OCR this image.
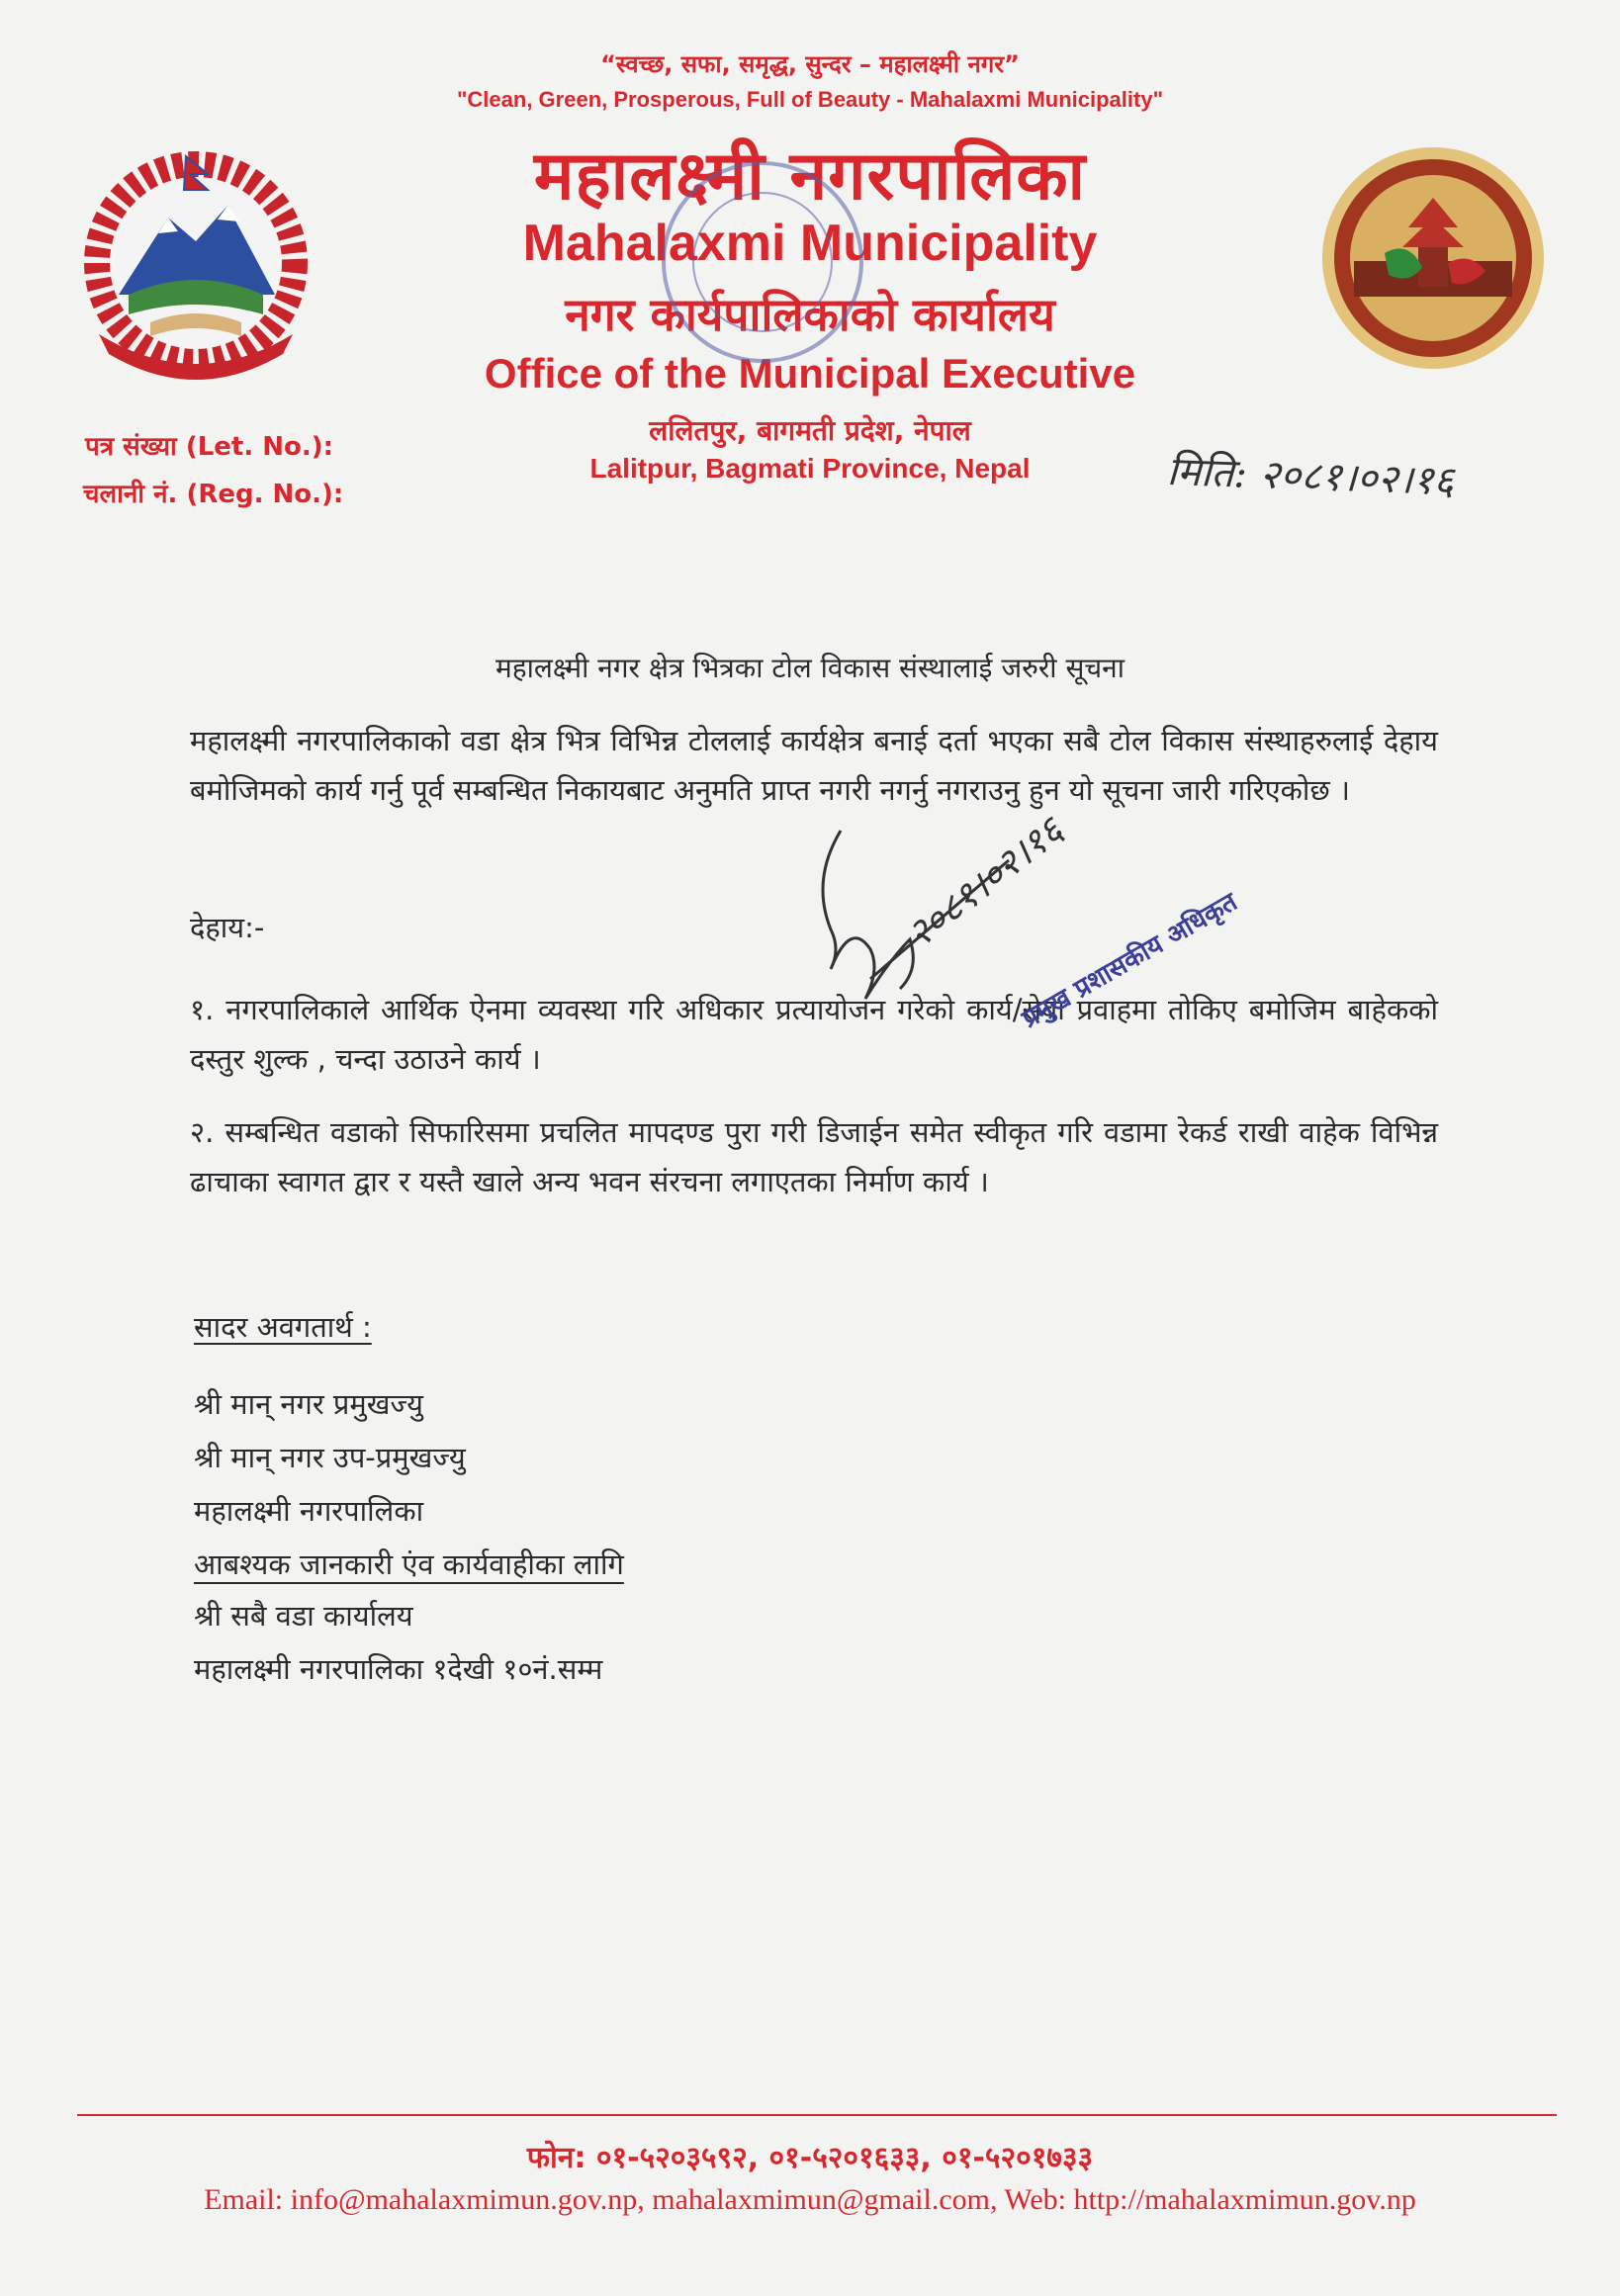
“स्वच्छ, सफा, समृद्ध, सुन्दर – महालक्ष्मी नगर”
"Clean, Green, Prosperous, Full of Beauty - Mahalaxmi Municipality"
महालक्ष्मी नगरपालिका
Mahalaxmi Municipality
नगर कार्यपालिकाको कार्यालय
Office of the Municipal Executive
ललितपुर, बागमती प्रदेश, नेपाल
Lalitpur, Bagmati Province, Nepal
पत्र संख्या (Let. No.):
चलानी नं. (Reg. No.):	मिति: २०८१।०२।१६
महालक्ष्मी नगर क्षेत्र भित्रका टोल विकास संस्थालाई जरुरी सूचना
महालक्ष्मी नगरपालिकाको वडा क्षेत्र भित्र विभिन्न टोललाई कार्यक्षेत्र बनाई दर्ता भएका सबै टोल विकास संस्थाहरुलाई देहाय बमोजिमको कार्य गर्नु पूर्व सम्बन्धित निकायबाट अनुमति प्राप्त नगरी नगर्नु नगराउनु हुन यो सूचना जारी गरिएकोछ ।
देहाय:-
१. नगरपालिकाले आर्थिक ऐनमा व्यवस्था गरि अधिकार प्रत्यायोजन गरेको कार्य/सेवा प्रवाहमा तोकिए बमोजिम बाहेकको दस्तुर शुल्क , चन्दा उठाउने कार्य ।
२. सम्बन्धित वडाको सिफारिसमा प्रचलित मापदण्ड पुरा गरी डिजाईन समेत स्वीकृत गरि वडामा रेकर्ड राखी वाहेक विभिन्न ढाचाका स्वागत द्वार र यस्तै खाले अन्य भवन संरचना लगाएतका निर्माण कार्य ।
२०८१।०२।१६
प्रमुख प्रशासकीय अधिकृत
सादर अवगतार्थ :
श्री मान् नगर प्रमुखज्यु
श्री मान् नगर उप-प्रमुखज्यु
महालक्ष्मी नगरपालिका
आबश्यक जानकारी एंव कार्यवाहीका लागि
श्री सबै वडा कार्यालय
महालक्ष्मी नगरपालिका १देखी १०नं.सम्म
फोन: ०१-५२०३५९२, ०१-५२०१६३३, ०१-५२०१७३३
Email: info@mahalaxmimun.gov.np, mahalaxmimun@gmail.com, Web: http://mahalaxmimun.gov.np
